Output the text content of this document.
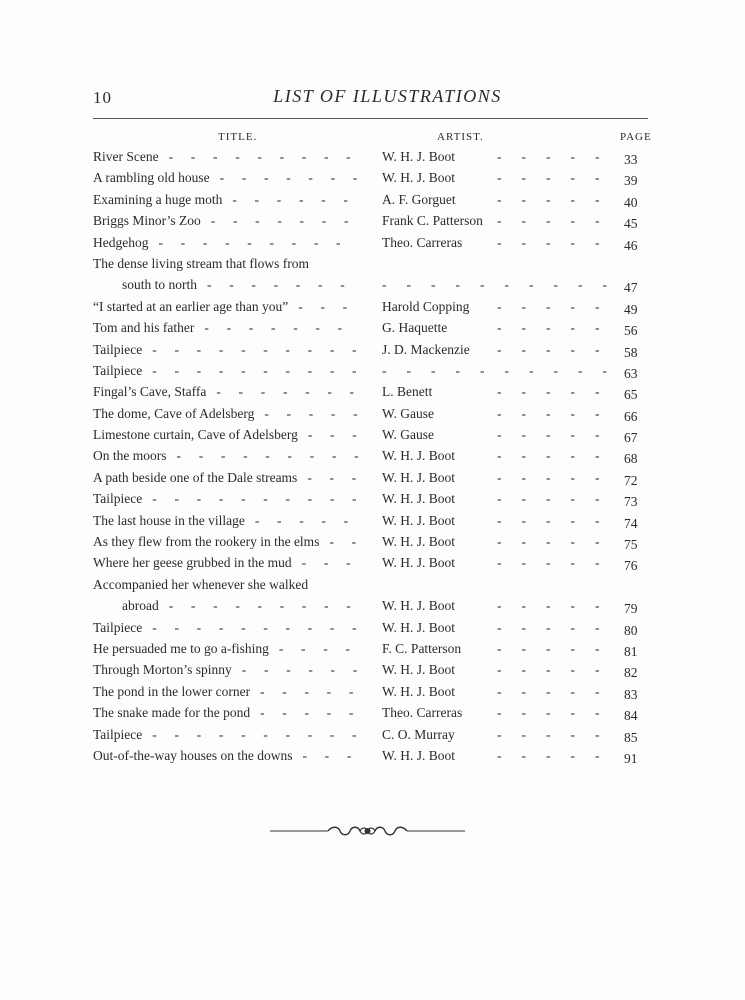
10	LIST OF ILLUSTRATIONS
TITLE.	ARTIST.	PAGE
River Scene	W. H. J. Boot	33
---------	-----
A rambling old house	W. H. J. Boot	39
-------	-----
Examining a huge moth	A. F. Gorguet	40
------	-----
Briggs Minor’s Zoo	Frank C. Patterson	45
-------	-----
Hedgehog	Theo. Carreras	46
---------	-----
The dense living stream that flows from
south to north	47
------- ----------
“I started at an earlier age than you”	Harold Copping	49
---	-----
Tom and his father	G. Haquette	56
-------	-----
Tailpiece	J. D. Mackenzie	58
----------	-----
Tailpiece	63
---------- ----------
Fingal’s Cave, Staffa	L. Benett	65
-------	-----
The dome, Cave of Adelsberg	W. Gause	66
-----	-----
Limestone curtain, Cave of Adelsberg	W. Gause	67
---	-----
On the moors	W. H. J. Boot	68
---------	-----
A path beside one of the Dale streams	W. H. J. Boot	72
---	-----
Tailpiece	W. H. J. Boot	73
----------	-----
The last house in the village	W. H. J. Boot	74
-----	-----
As they flew from the rookery in the elms	W. H. J. Boot	75
--	-----
Where her geese grubbed in the mud	W. H. J. Boot	76
---	-----
Accompanied her whenever she walked
abroad	W. H. J. Boot	79
---------	-----
Tailpiece	W. H. J. Boot	80
----------	-----
He persuaded me to go a-fishing	F. C. Patterson	81
----	-----
Through Morton’s spinny	W. H. J. Boot	82
------	-----
The pond in the lower corner	W. H. J. Boot	83
-----	-----
The snake made for the pond	Theo. Carreras	84
-----	-----
Tailpiece	C. O. Murray	85
----------	-----
Out-of-the-way houses on the downs	W. H. J. Boot	91
---	-----
